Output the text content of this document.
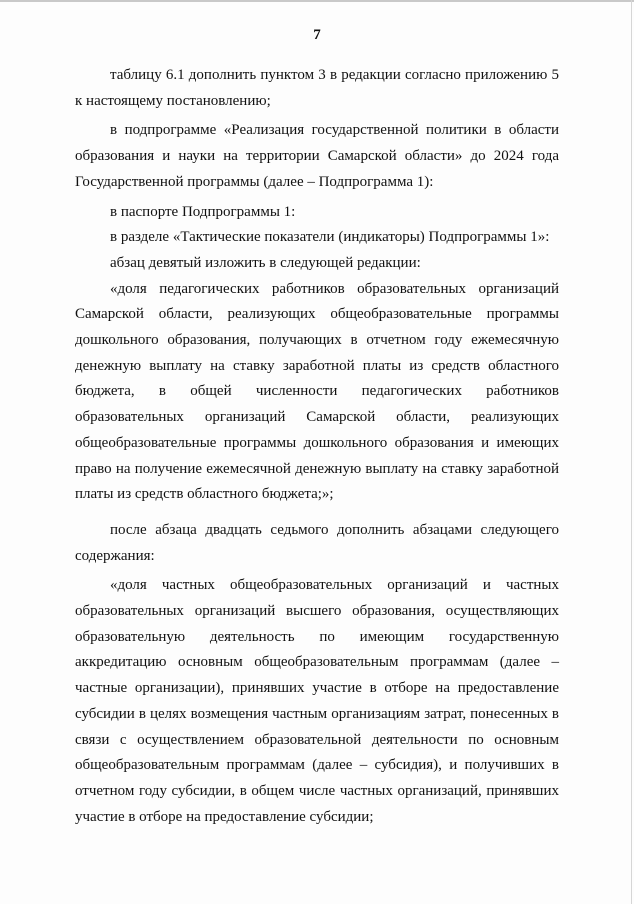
7

таблицу 6.1 дополнить пунктом 3 в редакции согласно приложению 5 к настоящему постановлению;

в подпрограмме «Реализация государственной политики в области образования и науки на территории Самарской области» до 2024 года Государственной программы (далее – Подпрограмма 1):

в паспорте Подпрограммы 1:

в разделе «Тактические показатели (индикаторы) Подпрограммы 1»:

абзац девятый изложить в следующей редакции:

«доля педагогических работников образовательных организаций Самарской области, реализующих общеобразовательные программы дошкольного образования, получающих в отчетном году ежемесячную денежную выплату на ставку заработной платы из средств областного бюджета, в общей численности педагогических работников образовательных организаций Самарской области, реализующих общеобразовательные программы дошкольного образования и имеющих право на получение ежемесячной денежную выплату на ставку заработной платы из средств областного бюджета;»;

после абзаца двадцать седьмого дополнить абзацами следующего содержания:

«доля частных общеобразовательных организаций и частных образовательных организаций высшего образования, осуществляющих образовательную деятельность по имеющим государственную аккредитацию основным общеобразовательным программам (далее – частные организации), принявших участие в отборе на предоставление субсидии в целях возмещения частным организациям затрат, понесенных в связи с осуществлением образовательной деятельности по основным общеобразовательным программам (далее – субсидия), и получивших в отчетном году субсидии, в общем числе частных организаций, принявших участие в отборе на предоставление субсидии;
